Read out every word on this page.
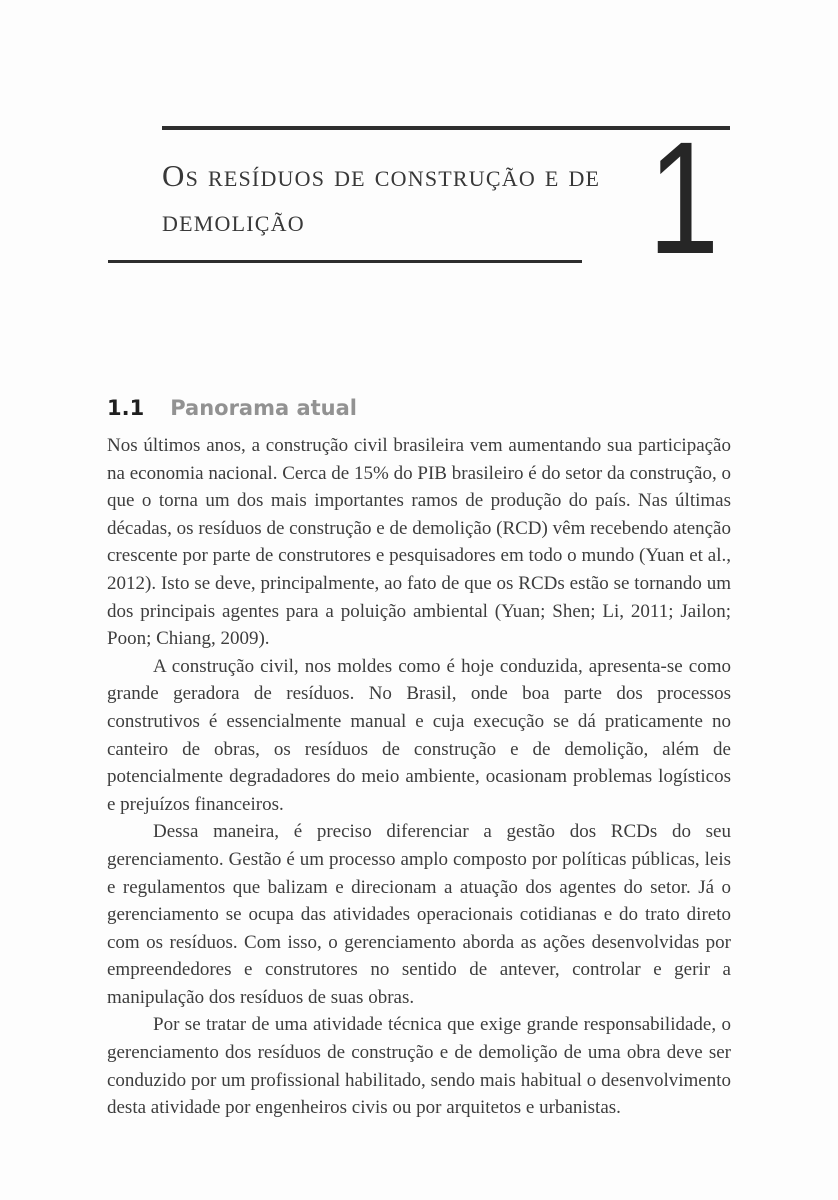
1
Os resíduos de construção e de demolição
1.1 Panorama atual

Nos últimos anos, a construção civil brasileira vem aumentando sua participação na economia nacional. Cerca de 15% do PIB brasileiro é do setor da construção, o que o torna um dos mais importantes ramos de produção do país. Nas últimas décadas, os resíduos de construção e de demolição (RCD) vêm recebendo atenção crescente por parte de construtores e pesquisadores em todo o mundo (Yuan et al., 2012). Isto se deve, principalmente, ao fato de que os RCDs estão se tornando um dos principais agentes para a poluição ambiental (Yuan; Shen; Li, 2011; Jailon; Poon; Chiang, 2009).

A construção civil, nos moldes como é hoje conduzida, apresenta-se como grande geradora de resíduos. No Brasil, onde boa parte dos processos construtivos é essencialmente manual e cuja execução se dá praticamente no canteiro de obras, os resíduos de construção e de demolição, além de potencialmente degradadores do meio ambiente, ocasionam problemas logísticos e prejuízos financeiros.

Dessa maneira, é preciso diferenciar a gestão dos RCDs do seu gerenciamento. Gestão é um processo amplo composto por políticas públicas, leis e regulamentos que balizam e direcionam a atuação dos agentes do setor. Já o gerenciamento se ocupa das atividades operacionais cotidianas e do trato direto com os resíduos. Com isso, o gerenciamento aborda as ações desenvolvidas por empreendedores e construtores no sentido de antever, controlar e gerir a manipulação dos resíduos de suas obras.

Por se tratar de uma atividade técnica que exige grande responsabilidade, o gerenciamento dos resíduos de construção e de demolição de uma obra deve ser conduzido por um profissional habilitado, sendo mais habitual o desenvolvimento desta atividade por engenheiros civis ou por arquitetos e urbanistas.
